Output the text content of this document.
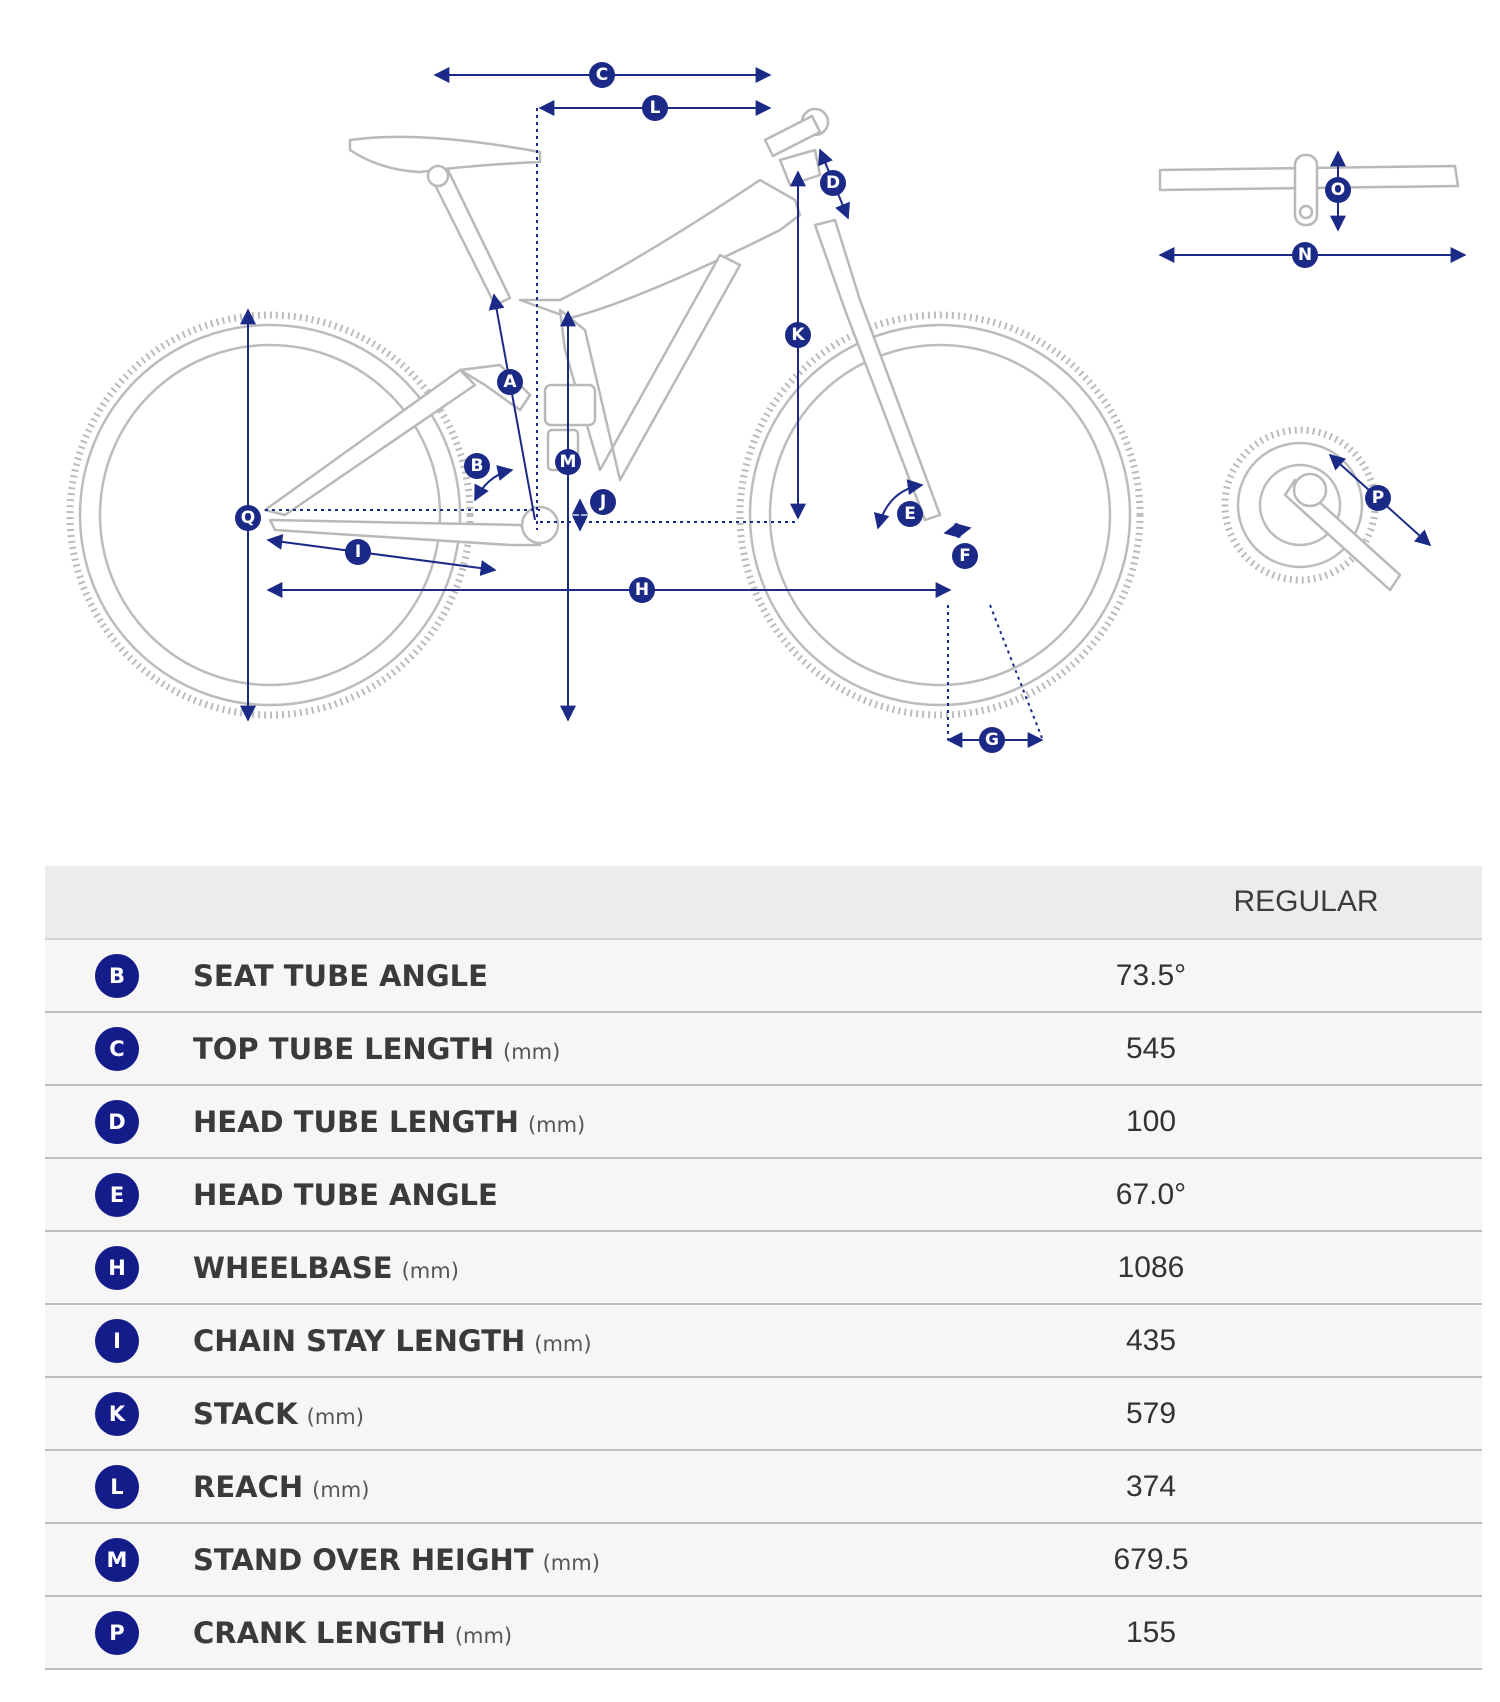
A
B
C
D
E
F
G
H
I
J
K
L
M
N
O
P
Q
		REGULAR

B	SEAT TUBE ANGLE	73.5°

C	TOP TUBE LENGTH (mm)	545

D	HEAD TUBE LENGTH (mm)	100

E	HEAD TUBE ANGLE	67.0°

H	WHEELBASE (mm)	1086

I	CHAIN STAY LENGTH (mm)	435

K	STACK (mm)	579

L	REACH (mm)	374

M	STAND OVER HEIGHT (mm)	679.5

P	CRANK LENGTH (mm)	155
